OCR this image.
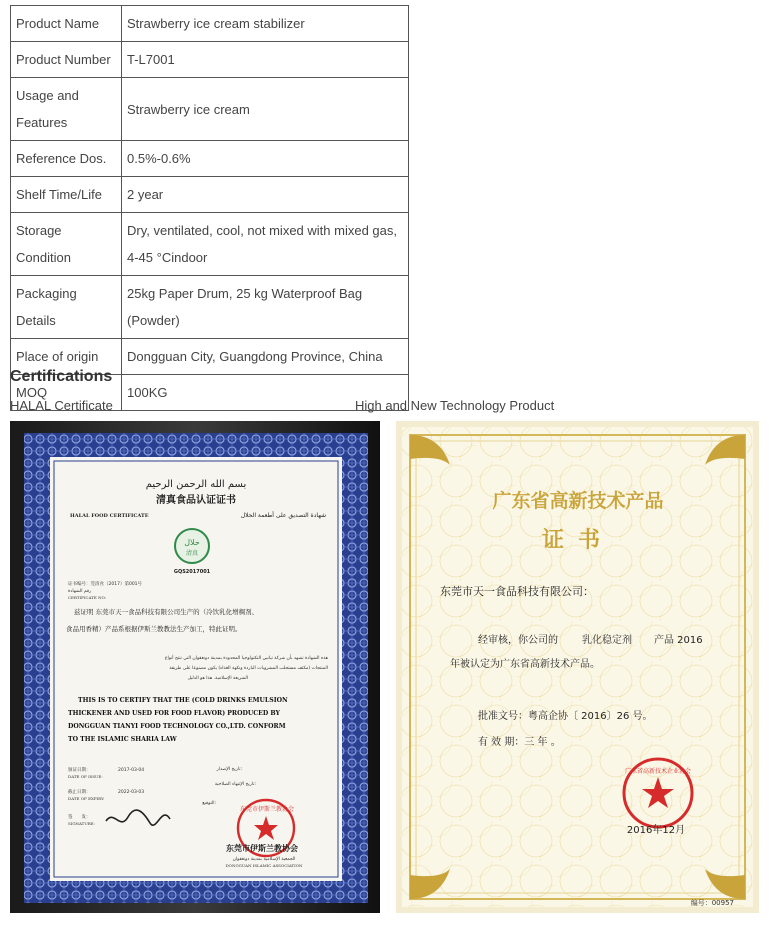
Product Name	Strawberry ice cream stabilizer
Product Number	T-L7001
Usage and Features	Strawberry ice cream
Reference Dos.	0.5%-0.6%
Shelf Time/Life	2 year
Storage Condition	Dry, ventilated, cool, not mixed with mixed gas, 4-45 °Cindoor
Packaging Details	25kg Paper Drum, 25 kg Waterproof Bag (Powder)
Place of origin	Dongguan City, Guangdong Province, China
MOQ	100KG
Certifications
HALAL Certificate	High and New Technology Product
بسم الله الرحمن الرحيم
清真食品认证证书
HALAL FOOD CERTIFICATE	شهادة التصديق على أطعمة الحلال
حلال
清真
GQS2017001
证书编号：莞清食（2017）第001号
رقم الشهادة
CERTIFICATE NO:
兹证明 东莞市天一食品科技有限公司生产的（冷饮乳化增稠剂、
食品用香精）产品系根据伊斯兰教教法生产加工，特此证明。
هذه الشهادة تشهد بأن شركة تيانيي التكنولوجيا المحدودة بمدينة دونغقوان التي تنتج أنواع
المنتجات (مكثف مستحلب المشروبات الباردة ونكهة الغذاء) يكون مصنوعا على طريقة
الشريعة الإسلامية. هذا هو الدليل
THIS IS TO CERTIFY THAT THE (COLD DRINKS EMULSION
THICKENER AND USED FOR FOOD FLAVOR) PRODUCED BY
DONGGUAN TIANYI FOOD TECHNOLOGY CO.,LTD. CONFORM
TO THE ISLAMIC SHARIA LAW
颁证日期：	2017-03-04
DATE OF ISSUE:
تاريخ الإصدار:
截止日期：	2022-03-03
DATE OF EXPIRY:
تاريخ الإنتهاء الصلاحية:
签　　发：
SIGNATURE:
التوقيع:
东莞市伊斯兰教协会
东莞市伊斯兰教协会
الجمعية الإسلامية بمدينة دونغقوان
DONGGUAN ISLAMIC ASSOCIATION
广东省高新技术产品
证书
东莞市天一食品科技有限公司：
经审核，你公司的 乳化稳定剂 产品 2016
年被认定为广东省高新技术产品。
批准文号：粤高企协〔 2016〕26 号。
有 效 期：三 年 。
广东省高新技术企业协会
2016年12月
编号：00957
